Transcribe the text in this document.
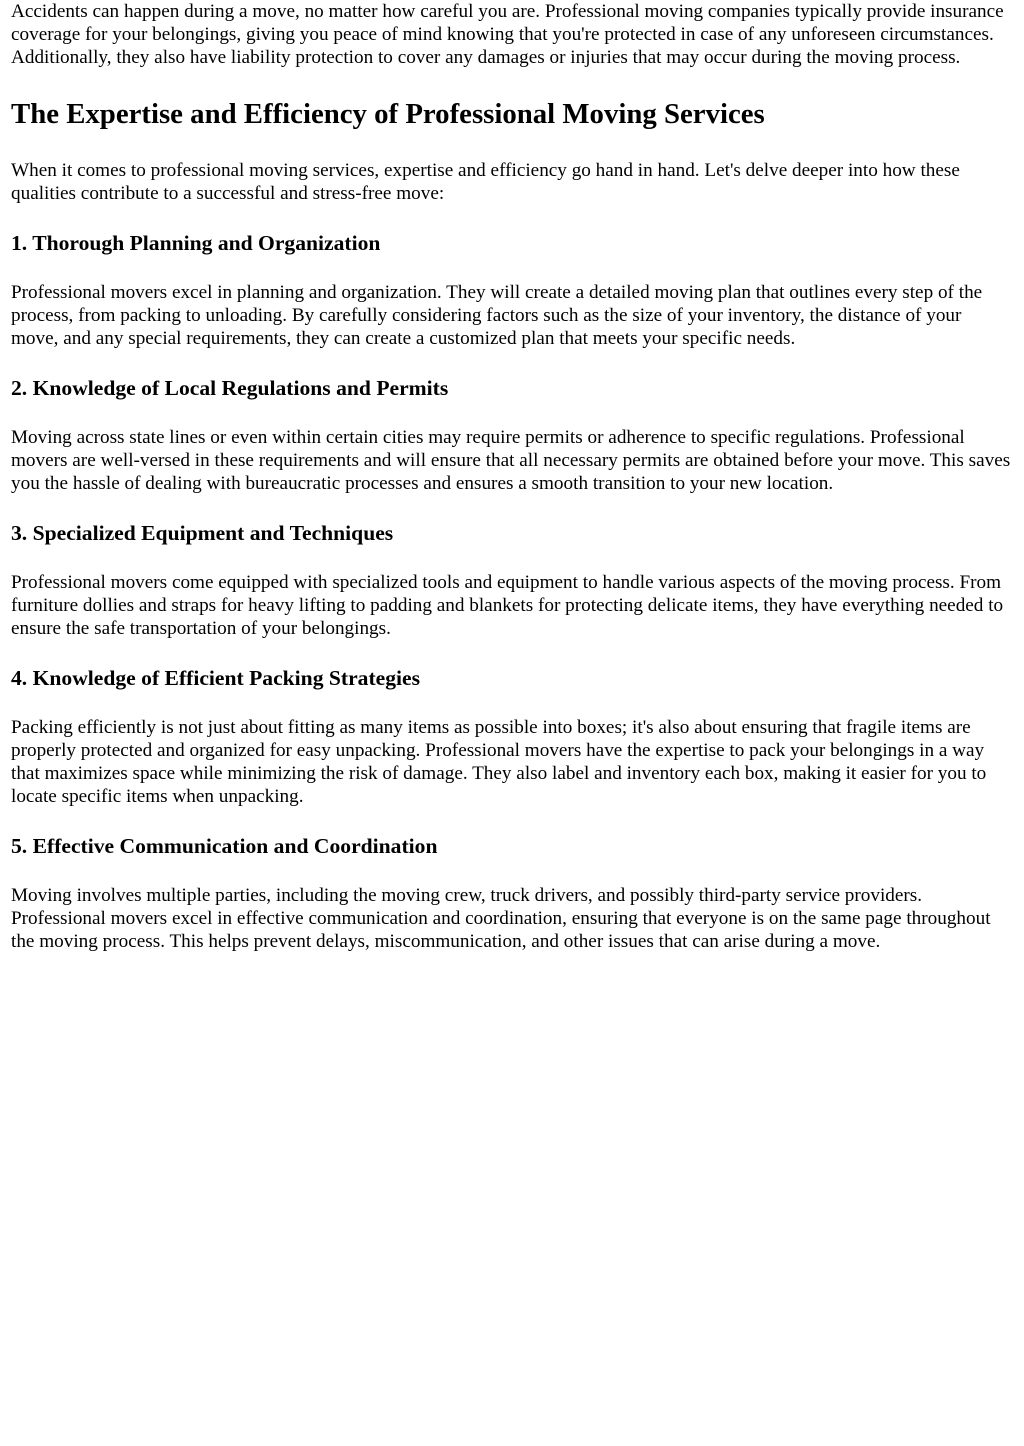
Accidents can happen during a move, no matter how careful you are. Professional moving companies typically provide insurance coverage for your belongings, giving you peace of mind knowing that you're protected in case of any unforeseen circumstances. Additionally, they also have liability protection to cover any damages or injuries that may occur during the moving process.

The Expertise and Efficiency of Professional Moving Services

When it comes to professional moving services, expertise and efficiency go hand in hand. Let's delve deeper into how these qualities contribute to a successful and stress-free move:

1. Thorough Planning and Organization

Professional movers excel in planning and organization. They will create a detailed moving plan that outlines every step of the process, from packing to unloading. By carefully considering factors such as the size of your inventory, the distance of your move, and any special requirements, they can create a customized plan that meets your specific needs.

2. Knowledge of Local Regulations and Permits

Moving across state lines or even within certain cities may require permits or adherence to specific regulations. Professional movers are well-versed in these requirements and will ensure that all necessary permits are obtained before your move. This saves you the hassle of dealing with bureaucratic processes and ensures a smooth transition to your new location.

3. Specialized Equipment and Techniques

Professional movers come equipped with specialized tools and equipment to handle various aspects of the moving process. From furniture dollies and straps for heavy lifting to padding and blankets for protecting delicate items, they have everything needed to ensure the safe transportation of your belongings.

4. Knowledge of Efficient Packing Strategies

Packing efficiently is not just about fitting as many items as possible into boxes; it's also about ensuring that fragile items are properly protected and organized for easy unpacking. Professional movers have the expertise to pack your belongings in a way that maximizes space while minimizing the risk of damage. They also label and inventory each box, making it easier for you to locate specific items when unpacking.

5. Effective Communication and Coordination

Moving involves multiple parties, including the moving crew, truck drivers, and possibly third-party service providers. Professional movers excel in effective communication and coordination, ensuring that everyone is on the same page throughout the moving process. This helps prevent delays, miscommunication, and other issues that can arise during a move.
